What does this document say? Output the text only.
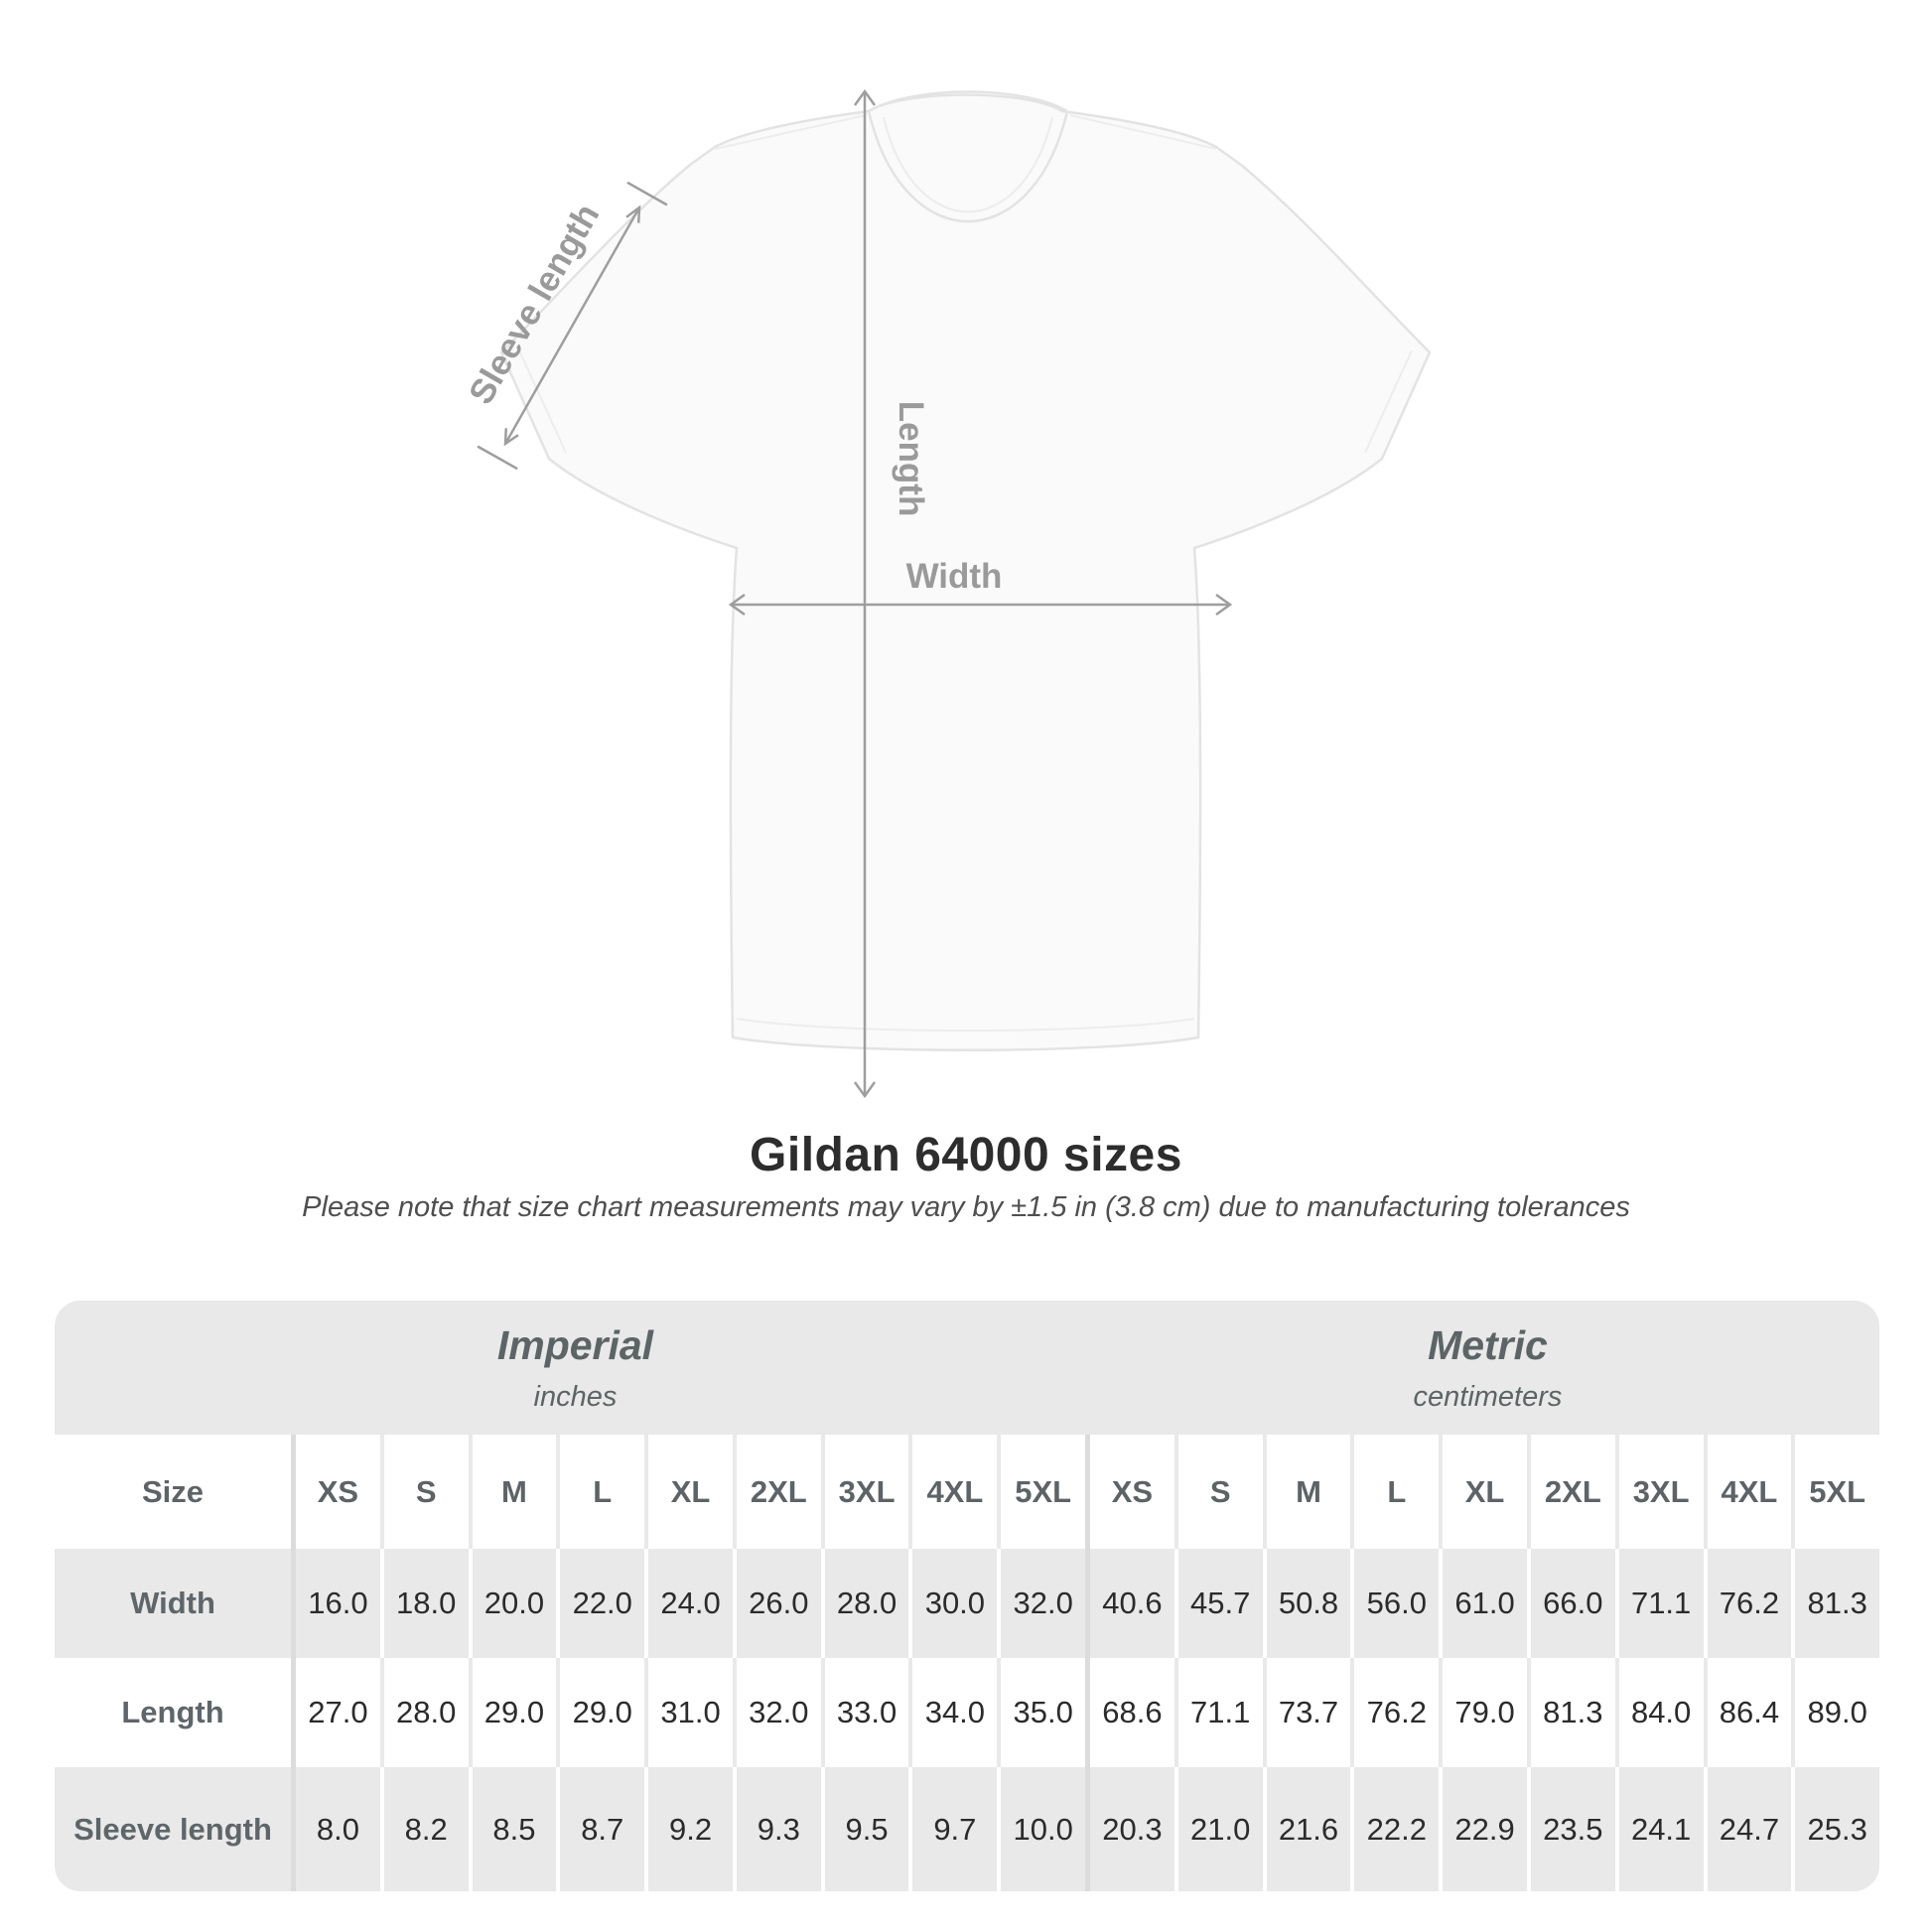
Width
Length
Sleeve length
Gildan 64000 sizes
Please note that size chart measurements may vary by ±1.5 in (3.8 cm) due to manufacturing tolerances
Imperial
inches
Metric
centimeters
Size	XS	S	M	L	XL	2XL	3XL	4XL	5XL	XS	S	M	L	XL	2XL	3XL	4XL	5XL
Width	16.0 18.0 20.0 22.0 24.0 26.0 28.0 30.0 32.0 40.6 45.7 50.8 56.0 61.0 66.0 71.1 76.2 81.3
Length	27.0 28.0 29.0 29.0 31.0 32.0 33.0 34.0 35.0 68.6 71.1 73.7 76.2 79.0 81.3 84.0 86.4 89.0
Sleeve length	8.0	8.2	8.5	8.7	9.2	9.3	9.5	9.7	10.0 20.3 21.0 21.6 22.2 22.9 23.5 24.1 24.7 25.3
